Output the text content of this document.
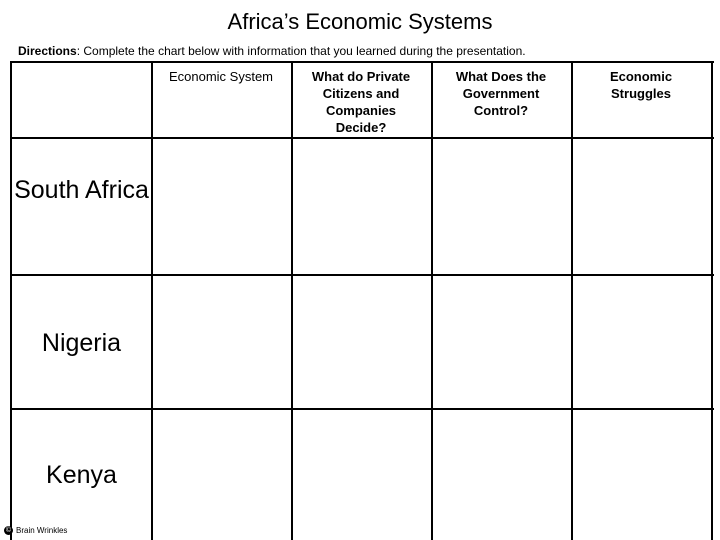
Africa’s Economic Systems
Directions: Complete the chart below with information that you learned during the presentation.
Economic System	What do Private Citizens and Companies Decide?
What Does the Government Control?
Economic Struggles
South Africa
Nigeria
Kenya
© Brain Wrinkles
